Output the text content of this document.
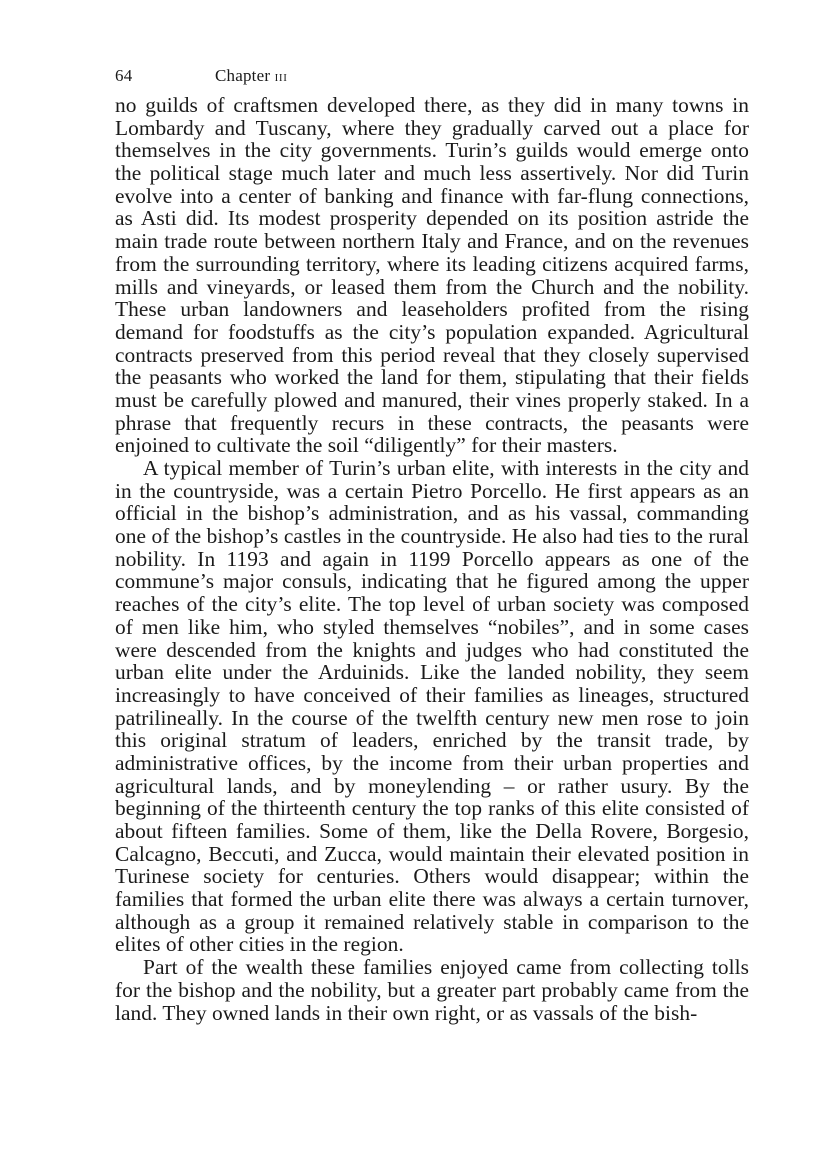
64	Chapter iii

no guilds of craftsmen developed there, as they did in many towns in Lombardy and Tuscany, where they gradually carved out a place for themselves in the city governments. Turin’s guilds would emerge onto the political stage much later and much less assertively. Nor did Turin evolve into a center of banking and finance with far-flung connections, as Asti did. Its modest prosperity depended on its position astride the main trade route between northern Italy and France, and on the revenues from the surrounding territory, where its leading citizens acquired farms, mills and vineyards, or leased them from the Church and the nobility. These urban landowners and leaseholders profited from the rising demand for foodstuffs as the city’s population expanded. Agricultural contracts preserved from this period reveal that they closely supervised the peasants who worked the land for them, stipulating that their fields must be carefully plowed and manured, their vines properly staked. In a phrase that frequently recurs in these contracts, the peasants were enjoined to cultivate the soil “diligently” for their masters.

A typical member of Turin’s urban elite, with interests in the city and in the countryside, was a certain Pietro Porcello. He first appears as an official in the bishop’s administration, and as his vassal, commanding one of the bishop’s castles in the countryside. He also had ties to the rural nobility. In 1193 and again in 1199 Porcello appears as one of the commune’s major consuls, indicating that he figured among the upper reaches of the city’s elite. The top level of urban society was composed of men like him, who styled themselves “nobiles”, and in some cases were descended from the knights and judges who had constituted the urban elite under the Arduinids. Like the landed nobility, they seem increasingly to have conceived of their families as lineages, structured patrilineally. In the course of the twelfth century new men rose to join this original stratum of leaders, enriched by the transit trade, by administrative offices, by the income from their urban properties and agricultural lands, and by moneylending – or rather usury. By the beginning of the thirteenth century the top ranks of this elite consisted of about fifteen families. Some of them, like the Della Rovere, Borgesio, Calcagno, Beccuti, and Zucca, would maintain their elevated position in Turinese society for centuries. Others would disappear; within the families that formed the urban elite there was always a certain turnover, although as a group it remained relatively stable in comparison to the elites of other cities in the region.

Part of the wealth these families enjoyed came from collecting tolls for the bishop and the nobility, but a greater part probably came from the land. They owned lands in their own right, or as vassals of the bish-
